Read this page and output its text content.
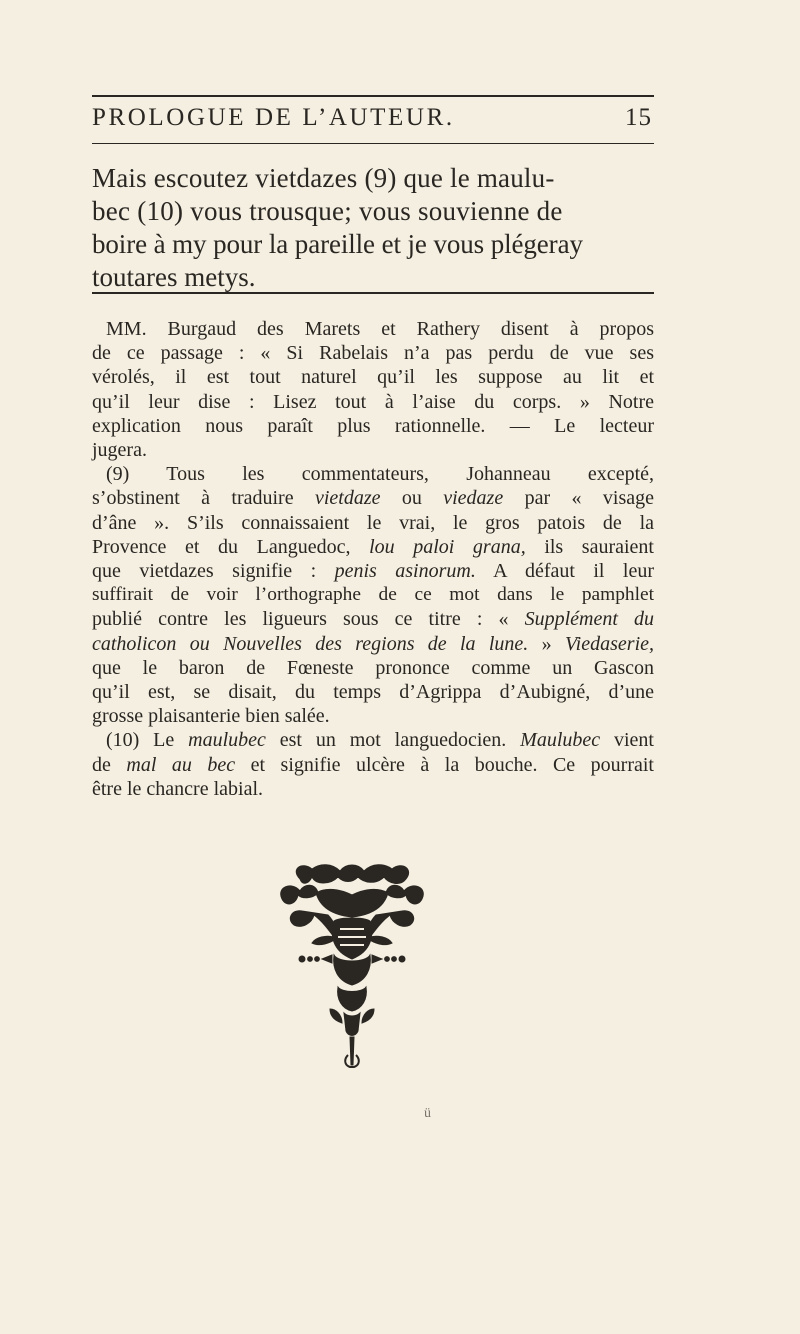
PROLOGUE DE L’AUTEUR.	15
Mais escoutez vietdazes (9) que le maulu-
bec (10) vous trousque; vous souvienne de
boire à my pour la pareille et je vous plégeray
toutares metys.
MM. Burgaud des Marets et Rathery disent à propos
de ce passage : « Si Rabelais n’a pas perdu de vue ses
vérolés, il est tout naturel qu’il les suppose au lit et
qu’il leur dise : Lisez tout à l’aise du corps. » Notre
explication nous paraît plus rationnelle. — Le lecteur
jugera.
(9) Tous les commentateurs, Johanneau excepté,
s’obstinent à traduire vietdaze ou viedaze par « visage
d’âne ». S’ils connaissaient le vrai, le gros patois de la
Provence et du Languedoc, lou paloi grana, ils sauraient
que vietdazes signifie : penis asinorum. A défaut il leur
suffirait de voir l’orthographe de ce mot dans le pamphlet
publié contre les ligueurs sous ce titre : « Supplément du
catholicon ou Nouvelles des regions de la lune. » Viedaserie,
que le baron de Fœneste prononce comme un Gascon
qu’il est, se disait, du temps d’Agrippa d’Aubigné, d’une
grosse plaisanterie bien salée.
(10) Le maulubec est un mot languedocien. Maulubec vient
de mal au bec et signifie ulcère à la bouche. Ce pourrait
être le chancre labial.
ü
